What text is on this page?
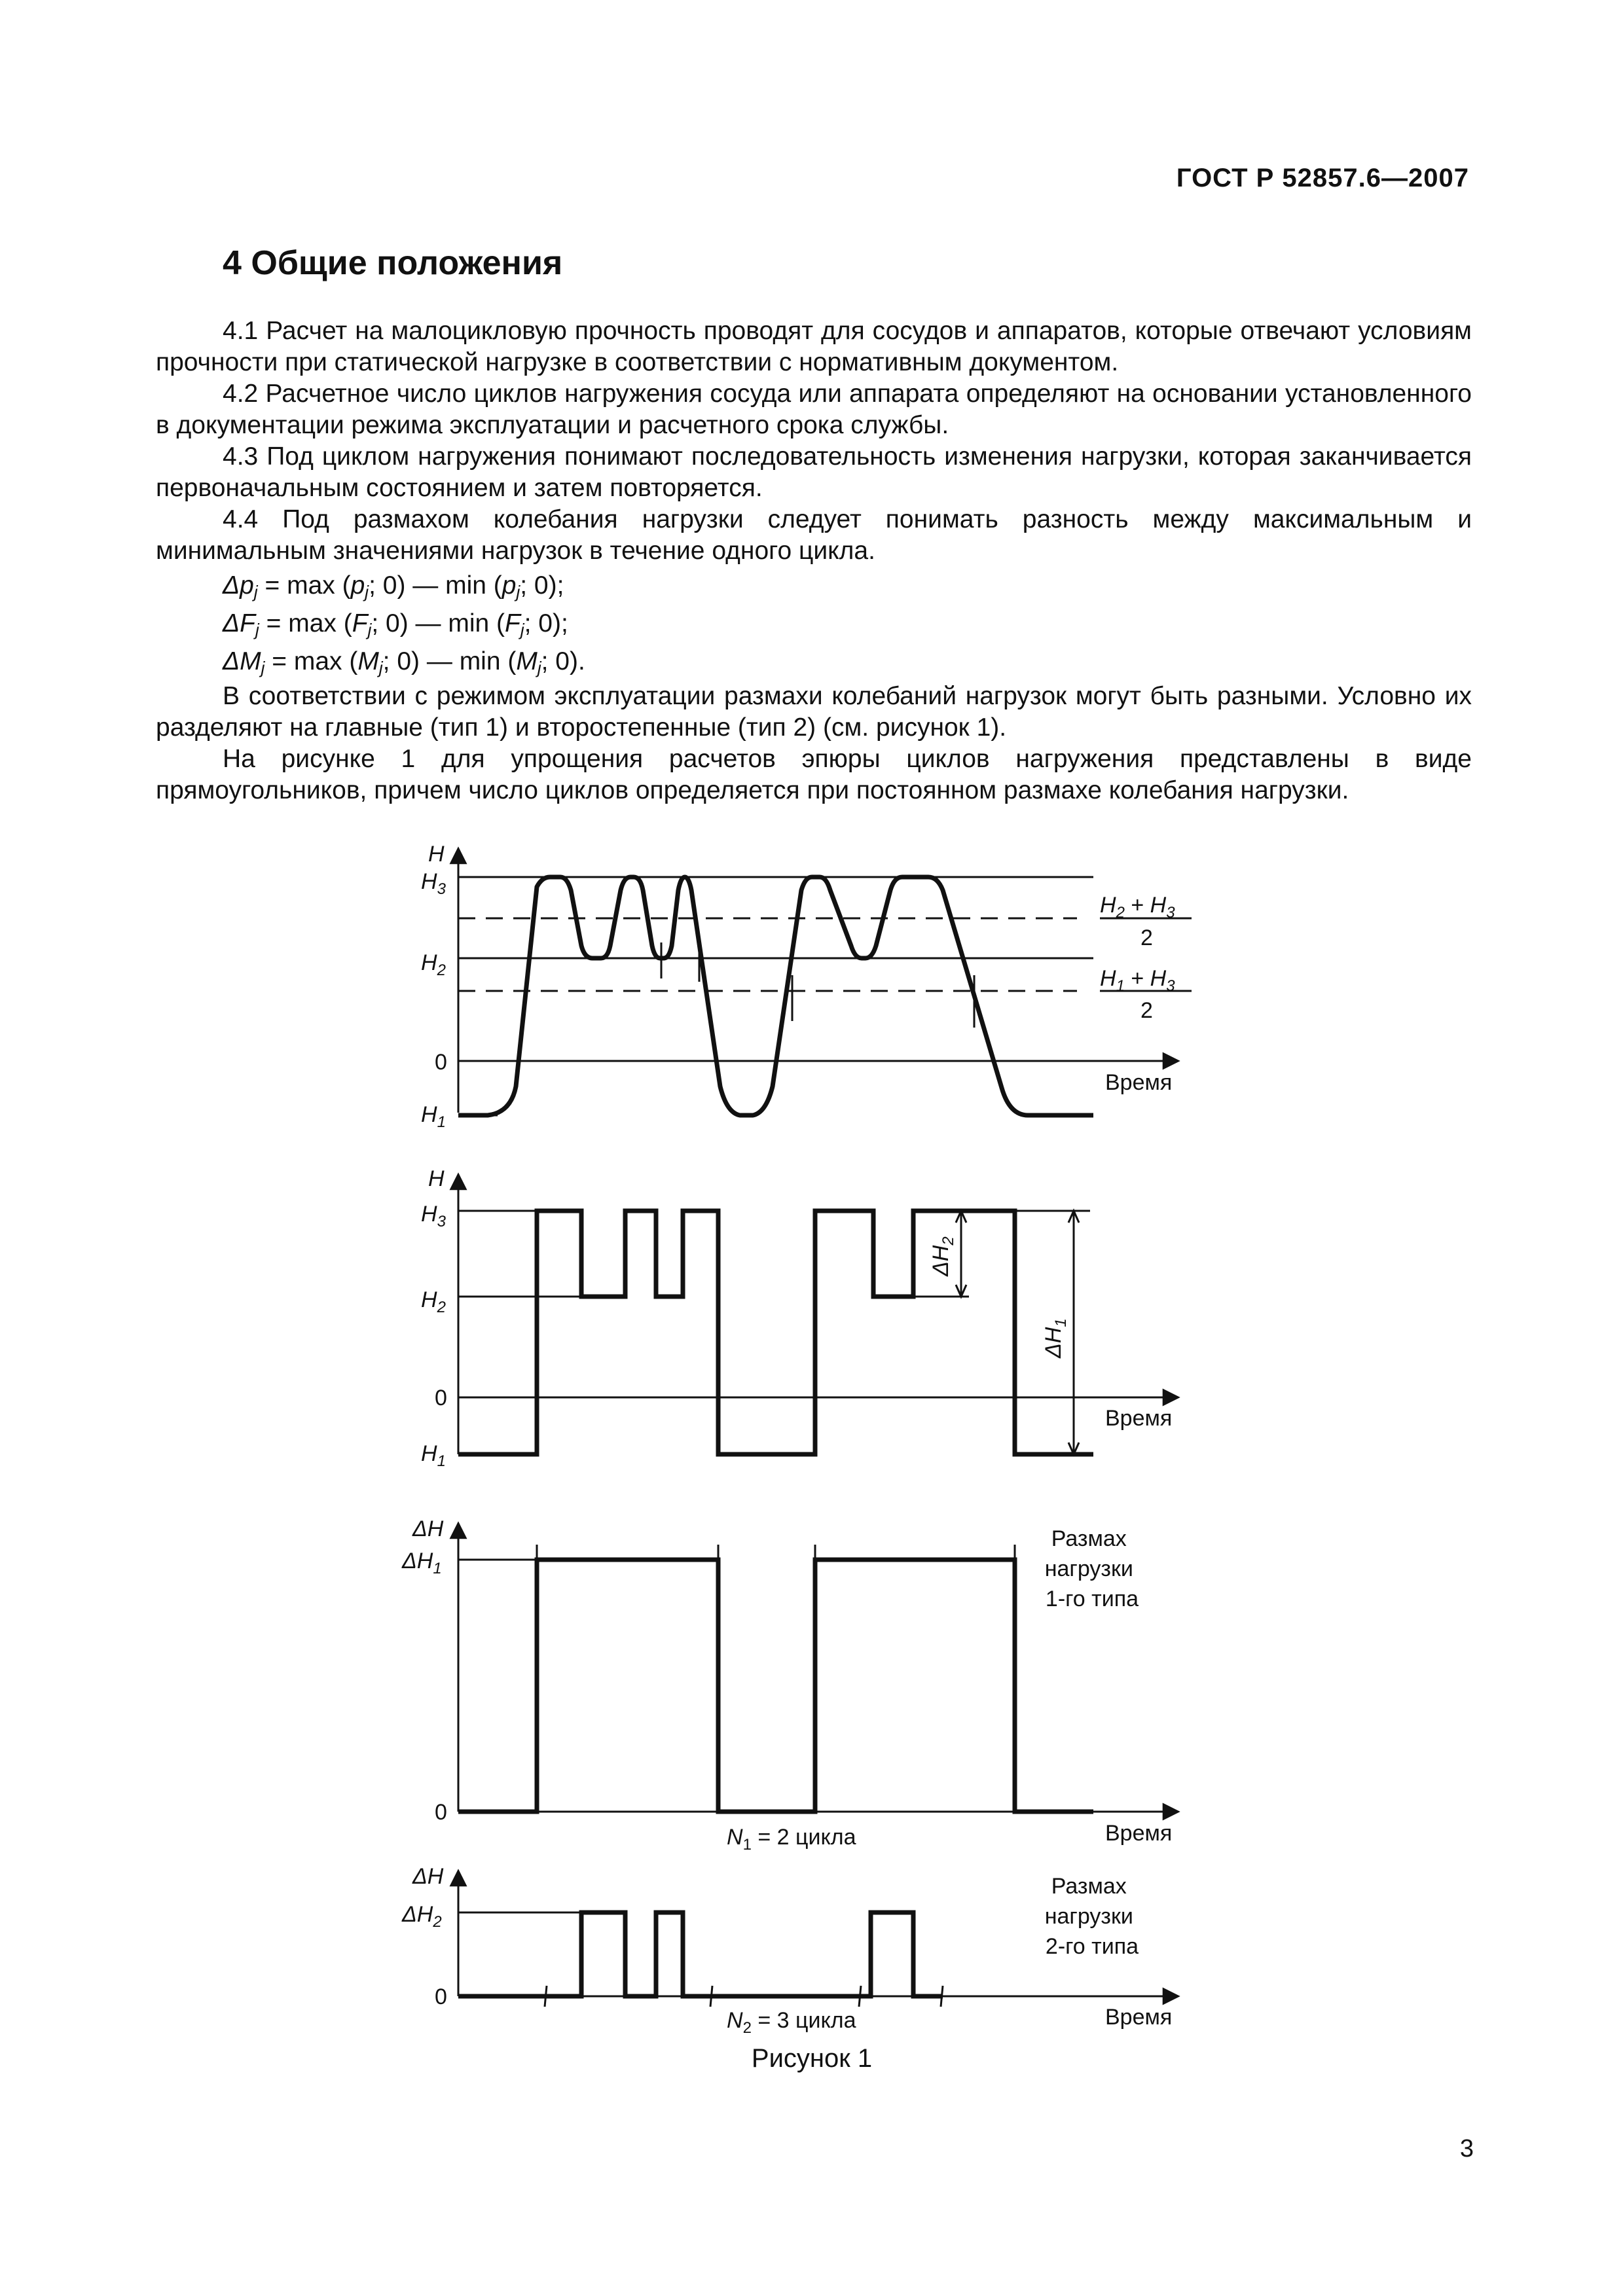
ГОСТ Р 52857.6—2007
4 Общие положения

4.1 Расчет на малоцикловую прочность проводят для сосудов и аппаратов, которые отвечают условиям прочности при статической нагрузке в соответствии с нормативным документом.

4.2 Расчетное число циклов нагружения сосуда или аппарата определяют на основании установленного в документации режима эксплуатации и расчетного срока службы.

4.3 Под циклом нагружения понимают последовательность изменения нагрузки, которая заканчивается первоначальным состоянием и затем повторяется.

4.4 Под размахом колебания нагрузки следует понимать разность между максимальным и минимальным значениями нагрузок в течение одного цикла.

$\Delta p_j = \max (p_j$; 0) — $\min (p_j$; 0);

$\Delta F_j = \max (F_j$; 0) — $\min (F_j$; 0);

$\Delta M_j = \max (M_j$; 0) — $\min (M_j$; 0).

В соответствии с режимом эксплуатации размахи колебаний нагрузок могут быть разными. Условно их разделяют на главные (тип 1) и второстепенные (тип 2) (см. рисунок 1).

На рисунке 1 для упрощения расчетов эпюры циклов нагружения представлены в виде прямоугольников, причем число циклов определяется при постоянном размахе колебания нагрузки.

H
$H_3$
$H_2$
0
$H_1$
Время
$H_2 + H_3$
2
$H_1 + H_3$
2
$\Delta H_2$
$\Delta H_1$
H
$H_3$
$H_2$
0
$H_1$
Время
ΔH
$\Delta H_1$
0
Время
Размах нагрузки 1-го типа
$N_1 = 2$ цикла
ΔH
$\Delta H_2$
0
Время
Размах нагрузки 2-го типа
$N_2 = 3$ цикла
Рисунок 1
3
